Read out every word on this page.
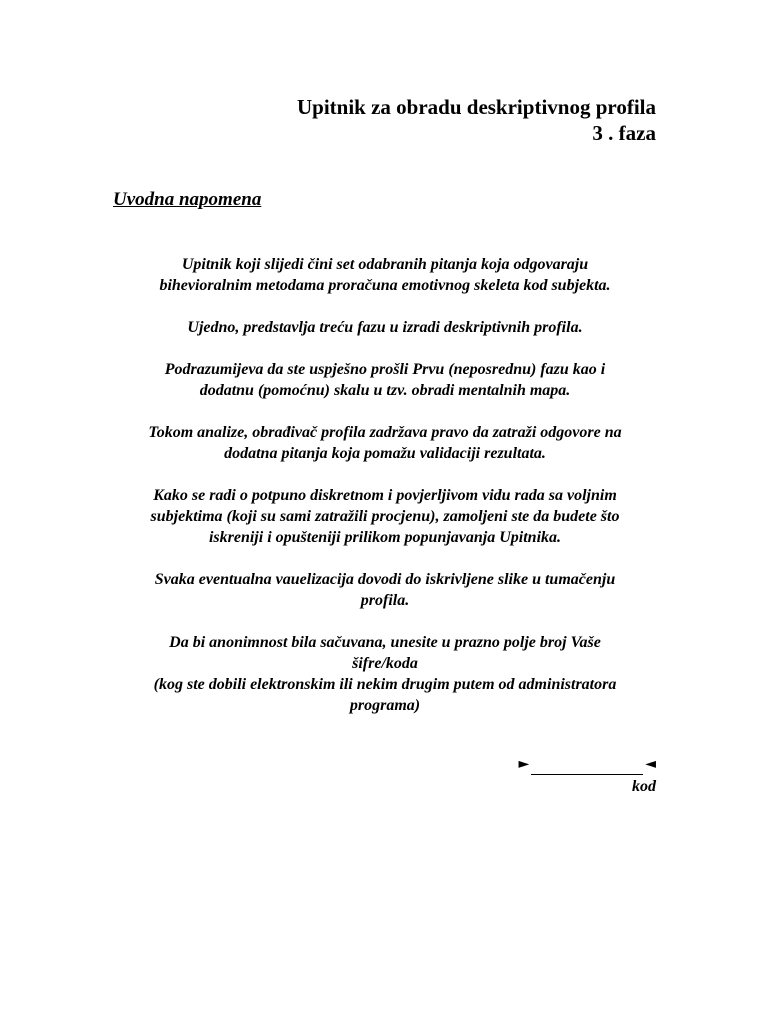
Upitnik za obradu deskriptivnog profila
3 . faza
Uvodna napomena

Upitnik koji slijedi čini set odabranih pitanja koja odgovaraju
bihevioralnim metodama proračuna emotivnog skeleta kod subjekta.

Ujedno, predstavlja treću fazu u izradi deskriptivnih profila.

Podrazumijeva da ste uspješno prošli Prvu (neposrednu) fazu kao i
dodatnu (pomoćnu) skalu u tzv. obradi mentalnih mapa.

Tokom analize, obrađivač profila zadržava pravo da zatraži odgovore na
dodatna pitanja koja pomažu validaciji rezultata.

Kako se radi o potpuno diskretnom i povjerljivom vidu rada sa voljnim
subjektima (koji su sami zatražili procjenu), zamoljeni ste da budete što
iskreniji i opušteniji prilikom popunjavanja Upitnika.

Svaka eventualna vauelizacija dovodi do iskrivljene slike u tumačenju
profila.

Da bi anonimnost bila sačuvana, unesite u prazno polje broj Vaše
šifre/koda
(kog ste dobili elektronskim ili nekim drugim putem od administratora
programa)

►	◄
kod
